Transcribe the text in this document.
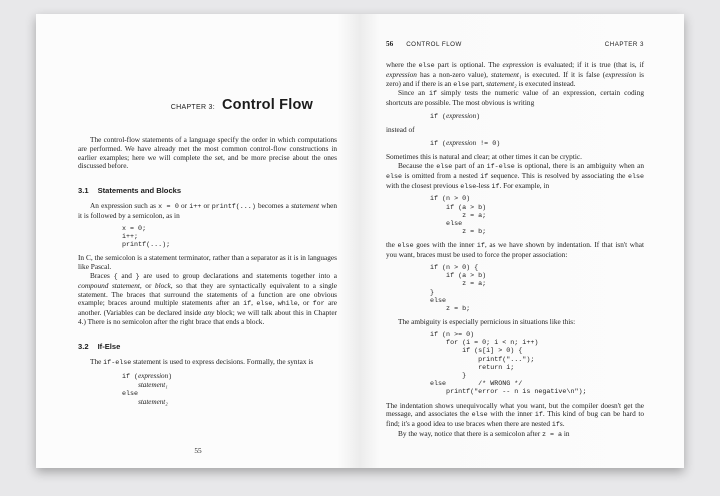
CHAPTER 3: Control Flow

The control-flow statements of a language specify the order in which computations are performed. We have already met the most common control-flow constructions in earlier examples; here we will complete the set, and be more precise about the ones discussed before.

3.1 Statements and Blocks

An expression such as x = 0 or i++ or printf(...) becomes a statement when it is followed by a semicolon, as in

x = 0;
i++;
printf(...);

In C, the semicolon is a statement terminator, rather than a separator as it is in languages like Pascal.

Braces { and } are used to group declarations and statements together into a compound statement, or block, so that they are syntactically equivalent to a single statement. The braces that surround the statements of a function are one obvious example; braces around multiple statements after an if, else, while, or for are another. (Variables can be declared inside any block; we will talk about this in Chapter 4.) There is no semicolon after the right brace that ends a block.

3.2 If-Else

The if-else statement is used to express decisions. Formally, the syntax is

if (expression)
statement₁
else
statement₂
55
56 CONTROL FLOW	CHAPTER 3

where the else part is optional. The expression is evaluated; if it is true (that is, if expression has a non-zero value), statement₁ is executed. If it is false (expression is zero) and if there is an else part, statement₂ is executed instead.

Since an if simply tests the numeric value of an expression, certain coding shortcuts are possible. The most obvious is writing

if (expression)

instead of

if (expression != 0)

Sometimes this is natural and clear; at other times it can be cryptic.

Because the else part of an if-else is optional, there is an ambiguity when an else is omitted from a nested if sequence. This is resolved by associating the else with the closest previous else-less if. For example, in

if (n > 0)
if (a > b)
z = a;
else
z = b;

the else goes with the inner if, as we have shown by indentation. If that isn't what you want, braces must be used to force the proper association:

if (n > 0) {
if (a > b)
z = a;
}
else
z = b;

The ambiguity is especially pernicious in situations like this:

if (n >= 0)
for (i = 0; i < n; i++)
if (s[i] > 0) {
printf("...");
return i;
}
else        /* WRONG */
printf("error -- n is negative\n");

The indentation shows unequivocally what you want, but the compiler doesn't get the message, and associates the else with the inner if. This kind of bug can be hard to find; it's a good idea to use braces when there are nested ifs.

By the way, notice that there is a semicolon after z = a in
